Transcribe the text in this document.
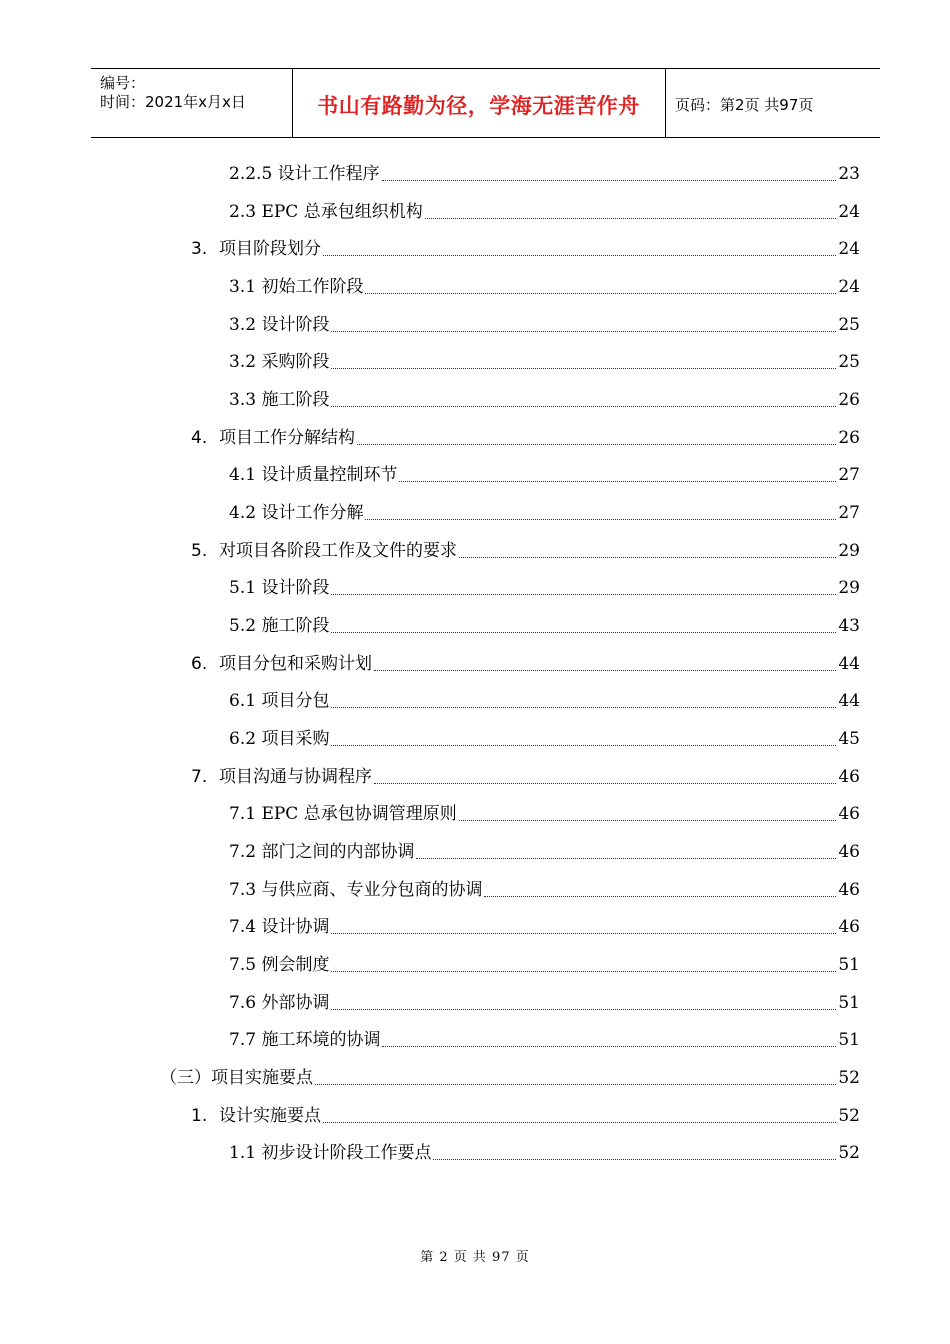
编号：
时间：2021年x月x日	书山有路勤为径，学海无涯苦作舟	页码：第2页 共97页
2.2.5 设计工作程序	23
2.3 EPC 总承包组织机构	24
3. 项目阶段划分	24
3.1 初始工作阶段	24
3.2 设计阶段	25
3.2 采购阶段	25
3.3 施工阶段	26
4. 项目工作分解结构	26
4.1 设计质量控制环节	27
4.2 设计工作分解	27
5. 对项目各阶段工作及文件的要求	29
5.1 设计阶段	29
5.2 施工阶段	43
6. 项目分包和采购计划	44
6.1 项目分包	44
6.2 项目采购	45
7. 项目沟通与协调程序	46
7.1 EPC 总承包协调管理原则	46
7.2 部门之间的内部协调	46
7.3 与供应商、专业分包商的协调	46
7.4 设计协调	46
7.5 例会制度	51
7.6 外部协调	51
7.7 施工环境的协调	51
（三）项目实施要点	52
1. 设计实施要点	52
1.1 初步设计阶段工作要点	52
第 2 页 共 97 页
